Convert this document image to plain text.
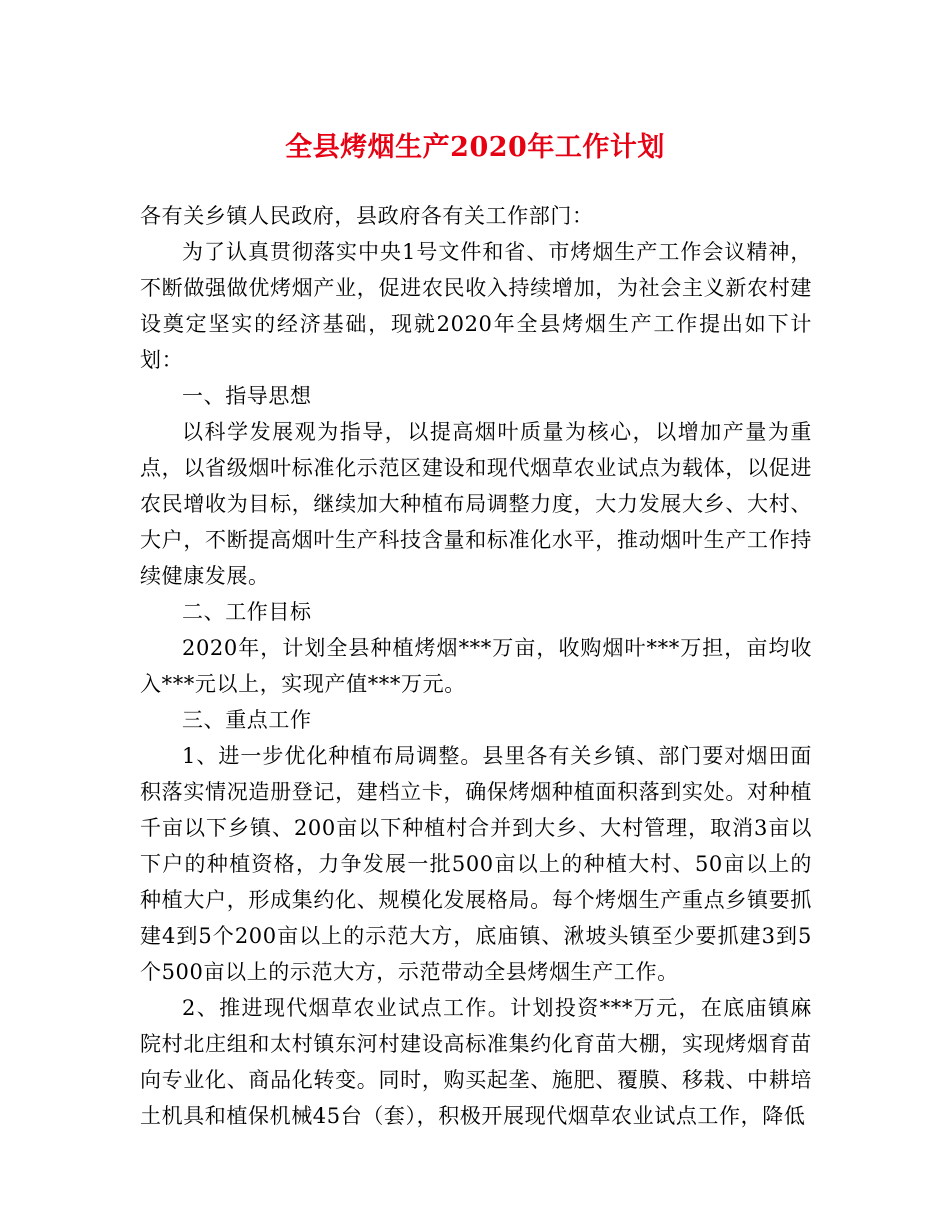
全县烤烟生产2020年工作计划

各有关乡镇人民政府，县政府各有关工作部门：

为了认真贯彻落实中央1号文件和省、市烤烟生产工作会议精神，不断做强做优烤烟产业，促进农民收入持续增加，为社会主义新农村建设奠定坚实的经济基础，现就2020年全县烤烟生产工作提出如下计划：

一、指导思想

以科学发展观为指导，以提高烟叶质量为核心，以增加产量为重点，以省级烟叶标准化示范区建设和现代烟草农业试点为载体，以促进农民增收为目标，继续加大种植布局调整力度，大力发展大乡、大村、大户，不断提高烟叶生产科技含量和标准化水平，推动烟叶生产工作持续健康发展。

二、工作目标

2020年，计划全县种植烤烟***万亩，收购烟叶***万担，亩均收入***元以上，实现产值***万元。

三、重点工作

1、进一步优化种植布局调整。县里各有关乡镇、部门要对烟田面积落实情况造册登记，建档立卡，确保烤烟种植面积落到实处。对种植千亩以下乡镇、200亩以下种植村合并到大乡、大村管理，取消3亩以下户的种植资格，力争发展一批500亩以上的种植大村、50亩以上的种植大户，形成集约化、规模化发展格局。每个烤烟生产重点乡镇要抓建4到5个200亩以上的示范大方，底庙镇、湫坡头镇至少要抓建3到5个500亩以上的示范大方，示范带动全县烤烟生产工作。

2、推进现代烟草农业试点工作。计划投资***万元，在底庙镇麻院村北庄组和太村镇东河村建设高标准集约化育苗大棚，实现烤烟育苗向专业化、商品化转变。同时，购买起垄、施肥、覆膜、移栽、中耕培土机具和植保机械45台（套），积极开展现代烟草农业试点工作，降低
